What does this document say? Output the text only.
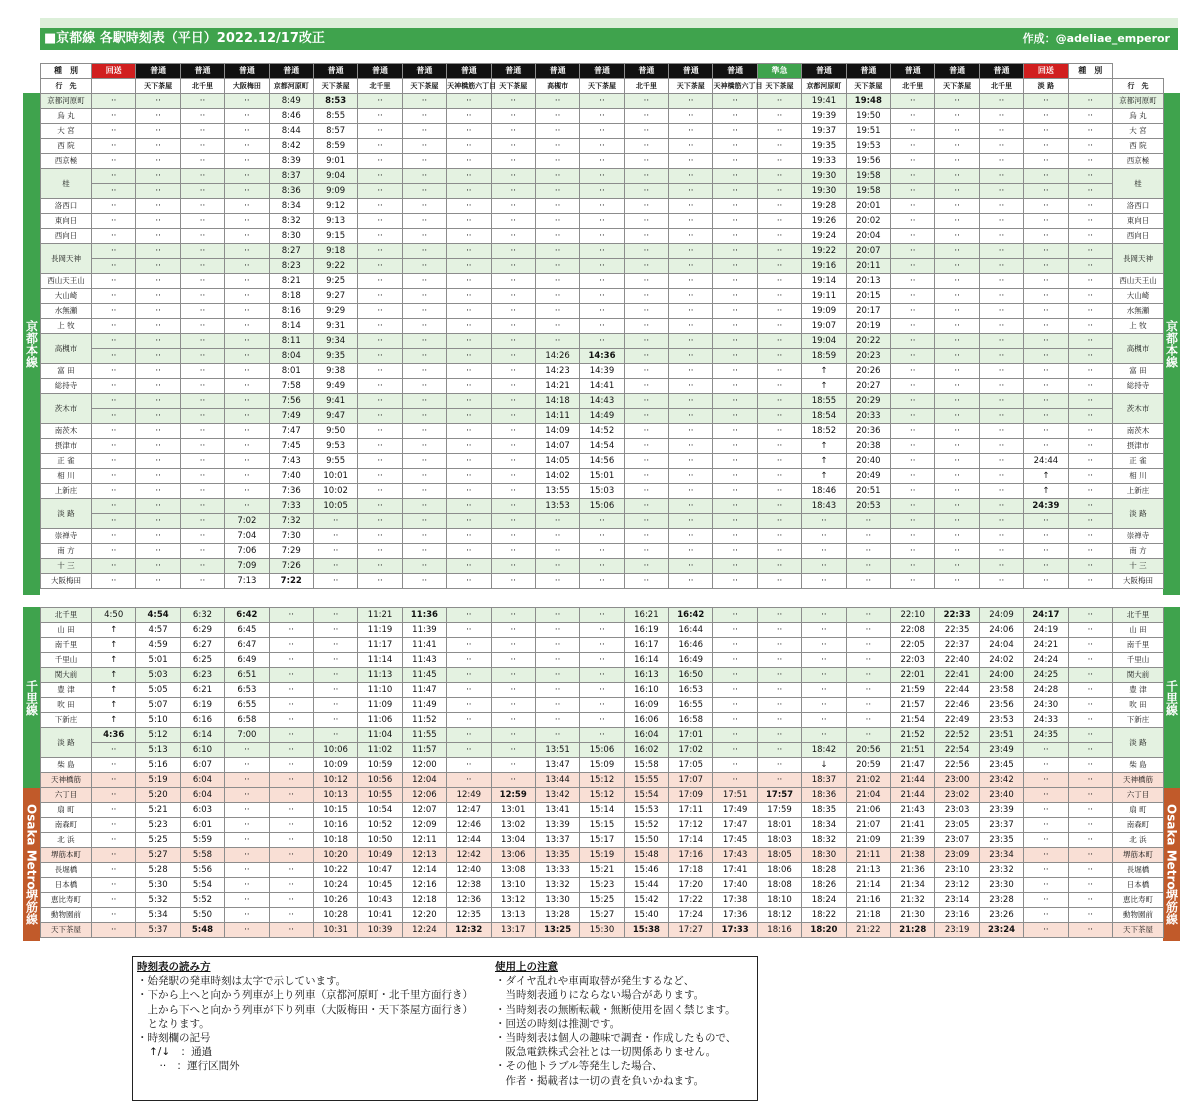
■京都線 各駅時刻表（平日）2022.12/17改正	作成：@adeliae_emperor
京都本線	京都本線
千里線	千里線
Osaka Metro
堺筋線
Osaka Metro
堺筋線
種　別	回送	普通	普通	普通	普通	普通	普通	普通	普通	普通	普通	普通	普通	普通	普通	準急	普通	普通	普通	普通	普通	回送	種　別	
行　先		天下茶屋	北千里	大阪梅田	京都河原町	天下茶屋	北千里	天下茶屋	天神橋筋六丁目	天下茶屋	高槻市	天下茶屋	北千里	天下茶屋	天神橋筋六丁目	天下茶屋	京都河原町	天下茶屋	北千里	天下茶屋	北千里	淡 路		行　先
京都河原町	··	··	··	··	8:49	8:53	··	··	··	··	··	··	··	··	··	··	19:41	19:48	··	··	··	··	··	京都河原町
烏 丸	··	··	··	··	8:46	8:55	··	··	··	··	··	··	··	··	··	··	19:39	19:50	··	··	··	··	··	烏 丸
大 宮	··	··	··	··	8:44	8:57	··	··	··	··	··	··	··	··	··	··	19:37	19:51	··	··	··	··	··	大 宮
西 院	··	··	··	··	8:42	8:59	··	··	··	··	··	··	··	··	··	··	19:35	19:53	··	··	··	··	··	西 院
西京極	··	··	··	··	8:39	9:01	··	··	··	··	··	··	··	··	··	··	19:33	19:56	··	··	··	··	··	西京極
桂	··	··	··	··	8:37	9:04	··	··	··	··	··	··	··	··	··	··	19:30	19:58	··	··	··	··	··	桂
	··	··	··	··	8:36	9:09	··	··	··	··	··	··	··	··	··	··	19:30	19:58	··	··	··	··	··	
洛西口	··	··	··	··	8:34	9:12	··	··	··	··	··	··	··	··	··	··	19:28	20:01	··	··	··	··	··	洛西口
東向日	··	··	··	··	8:32	9:13	··	··	··	··	··	··	··	··	··	··	19:26	20:02	··	··	··	··	··	東向日
西向日	··	··	··	··	8:30	9:15	··	··	··	··	··	··	··	··	··	··	19:24	20:04	··	··	··	··	··	西向日
長岡天神	··	··	··	··	8:27	9:18	··	··	··	··	··	··	··	··	··	··	19:22	20:07	··	··	··	··	··	長岡天神
	··	··	··	··	8:23	9:22	··	··	··	··	··	··	··	··	··	··	19:16	20:11	··	··	··	··	··	
西山天王山	··	··	··	··	8:21	9:25	··	··	··	··	··	··	··	··	··	··	19:14	20:13	··	··	··	··	··	西山天王山
大山崎	··	··	··	··	8:18	9:27	··	··	··	··	··	··	··	··	··	··	19:11	20:15	··	··	··	··	··	大山崎
水無瀬	··	··	··	··	8:16	9:29	··	··	··	··	··	··	··	··	··	··	19:09	20:17	··	··	··	··	··	水無瀬
上 牧	··	··	··	··	8:14	9:31	··	··	··	··	··	··	··	··	··	··	19:07	20:19	··	··	··	··	··	上 牧
高槻市	··	··	··	··	8:11	9:34	··	··	··	··	··	··	··	··	··	··	19:04	20:22	··	··	··	··	··	高槻市
	··	··	··	··	8:04	9:35	··	··	··	··	14:26	14:36	··	··	··	··	18:59	20:23	··	··	··	··	··	
富 田	··	··	··	··	8:01	9:38	··	··	··	··	14:23	14:39	··	··	··	··	↑	20:26	··	··	··	··	··	富 田
総持寺	··	··	··	··	7:58	9:49	··	··	··	··	14:21	14:41	··	··	··	··	↑	20:27	··	··	··	··	··	総持寺
茨木市	··	··	··	··	7:56	9:41	··	··	··	··	14:18	14:43	··	··	··	··	18:55	20:29	··	··	··	··	··	茨木市
	··	··	··	··	7:49	9:47	··	··	··	··	14:11	14:49	··	··	··	··	18:54	20:33	··	··	··	··	··	
南茨木	··	··	··	··	7:47	9:50	··	··	··	··	14:09	14:52	··	··	··	··	18:52	20:36	··	··	··	··	··	南茨木
摂津市	··	··	··	··	7:45	9:53	··	··	··	··	14:07	14:54	··	··	··	··	↑	20:38	··	··	··	··	··	摂津市
正 雀	··	··	··	··	7:43	9:55	··	··	··	··	14:05	14:56	··	··	··	··	↑	20:40	··	··	··	24:44	··	正 雀
相 川	··	··	··	··	7:40	10:01	··	··	··	··	14:02	15:01	··	··	··	··	↑	20:49	··	··	··	↑	··	相 川
上新庄	··	··	··	··	7:36	10:02	··	··	··	··	13:55	15:03	··	··	··	··	18:46	20:51	··	··	··	↑	··	上新庄
淡 路	··	··	··	··	7:33	10:05	··	··	··	··	13:53	15:06	··	··	··	··	18:43	20:53	··	··	··	24:39	··	淡 路
	··	··	··	7:02	7:32	··	··	··	··	··	··	··	··	··	··	··	··	··	··	··	··	··	··	
崇禅寺	··	··	··	7:04	7:30	··	··	··	··	··	··	··	··	··	··	··	··	··	··	··	··	··	··	崇禅寺
南 方	··	··	··	7:06	7:29	··	··	··	··	··	··	··	··	··	··	··	··	··	··	··	··	··	··	南 方
十 三	··	··	··	7:09	7:26	··	··	··	··	··	··	··	··	··	··	··	··	··	··	··	··	··	··	十 三
大阪梅田	··	··	··	7:13	7:22	··	··	··	··	··	··	··	··	··	··	··	··	··	··	··	··	··	··	大阪梅田
北千里	4:50	4:54	6:32	6:42	··	··	11:21	11:36	··	··	··	··	16:21	16:42	··	··	··	··	22:10	22:33	24:09	24:17	··	北千里
山 田	↑	4:57	6:29	6:45	··	··	11:19	11:39	··	··	··	··	16:19	16:44	··	··	··	··	22:08	22:35	24:06	24:19	··	山 田
南千里	↑	4:59	6:27	6:47	··	··	11:17	11:41	··	··	··	··	16:17	16:46	··	··	··	··	22:05	22:37	24:04	24:21	··	南千里
千里山	↑	5:01	6:25	6:49	··	··	11:14	11:43	··	··	··	··	16:14	16:49	··	··	··	··	22:03	22:40	24:02	24:24	··	千里山
関大前	↑	5:03	6:23	6:51	··	··	11:13	11:45	··	··	··	··	16:13	16:50	··	··	··	··	22:01	22:41	24:00	24:25	··	関大前
豊 津	↑	5:05	6:21	6:53	··	··	11:10	11:47	··	··	··	··	16:10	16:53	··	··	··	··	21:59	22:44	23:58	24:28	··	豊 津
吹 田	↑	5:07	6:19	6:55	··	··	11:09	11:49	··	··	··	··	16:09	16:55	··	··	··	··	21:57	22:46	23:56	24:30	··	吹 田
下新庄	↑	5:10	6:16	6:58	··	··	11:06	11:52	··	··	··	··	16:06	16:58	··	··	··	··	21:54	22:49	23:53	24:33	··	下新庄
淡 路	4:36	5:12	6:14	7:00	··	··	11:04	11:55	··	··	··	··	16:04	17:01	··	··	··	··	21:52	22:52	23:51	24:35	··	淡 路
	··	5:13	6:10	··	··	10:06	11:02	11:57	··	··	13:51	15:06	16:02	17:02	··	··	18:42	20:56	21:51	22:54	23:49	··	··	
柴 島	··	5:16	6:07	··	··	10:09	10:59	12:00	··	··	13:47	15:09	15:58	17:05	··	··	↓	20:59	21:47	22:56	23:45	··	··	柴 島
天神橋筋	··	5:19	6:04	··	··	10:12	10:56	12:04	··	··	13:44	15:12	15:55	17:07	··	··	18:37	21:02	21:44	23:00	23:42	··	··	天神橋筋
六丁目	··	5:20	6:04	··	··	10:13	10:55	12:06	12:49	12:59	13:42	15:12	15:54	17:09	17:51	17:57	18:36	21:04	21:44	23:02	23:40	··	··	六丁目
扇 町	··	5:21	6:03	··	··	10:15	10:54	12:07	12:47	13:01	13:41	15:14	15:53	17:11	17:49	17:59	18:35	21:06	21:43	23:03	23:39	··	··	扇 町
南森町	··	5:23	6:01	··	··	10:16	10:52	12:09	12:46	13:02	13:39	15:15	15:52	17:12	17:47	18:01	18:34	21:07	21:41	23:05	23:37	··	··	南森町
北 浜	··	5:25	5:59	··	··	10:18	10:50	12:11	12:44	13:04	13:37	15:17	15:50	17:14	17:45	18:03	18:32	21:09	21:39	23:07	23:35	··	··	北 浜
堺筋本町	··	5:27	5:58	··	··	10:20	10:49	12:13	12:42	13:06	13:35	15:19	15:48	17:16	17:43	18:05	18:30	21:11	21:38	23:09	23:34	··	··	堺筋本町
長堀橋	··	5:28	5:56	··	··	10:22	10:47	12:14	12:40	13:08	13:33	15:21	15:46	17:18	17:41	18:06	18:28	21:13	21:36	23:10	23:32	··	··	長堀橋
日本橋	··	5:30	5:54	··	··	10:24	10:45	12:16	12:38	13:10	13:32	15:23	15:44	17:20	17:40	18:08	18:26	21:14	21:34	23:12	23:30	··	··	日本橋
恵比寿町	··	5:32	5:52	··	··	10:26	10:43	12:18	12:36	13:12	13:30	15:25	15:42	17:22	17:38	18:10	18:24	21:16	21:32	23:14	23:28	··	··	恵比寿町
動物園前	··	5:34	5:50	··	··	10:28	10:41	12:20	12:35	13:13	13:28	15:27	15:40	17:24	17:36	18:12	18:22	21:18	21:30	23:16	23:26	··	··	動物園前
天下茶屋	··	5:37	5:48	··	··	10:31	10:39	12:24	12:32	13:17	13:25	15:30	15:38	17:27	17:33	18:16	18:20	21:22	21:28	23:19	23:24	··	··	天下茶屋
時刻表の読み方
・始発駅の発車時刻は太字で示しています。
・下から上へと向かう列車が上り列車（京都河原町・北千里方面行き）
　上から下へと向かう列車が下り列車（大阪梅田・天下茶屋方面行き）
　となります。
・時刻欄の記号
↑/↓　：通過
　··　：運行区間外
使用上の注意
・ダイヤ乱れや車両取替が発生するなど、
　当時刻表通りにならない場合があります。
・当時刻表の無断転載・無断使用を固く禁じます。
・回送の時刻は推測です。
・当時刻表は個人の趣味で調査・作成したもので、
　阪急電鉄株式会社とは一切関係ありません。
・その他トラブル等発生した場合、
　作者・掲載者は一切の責を負いかねます。
